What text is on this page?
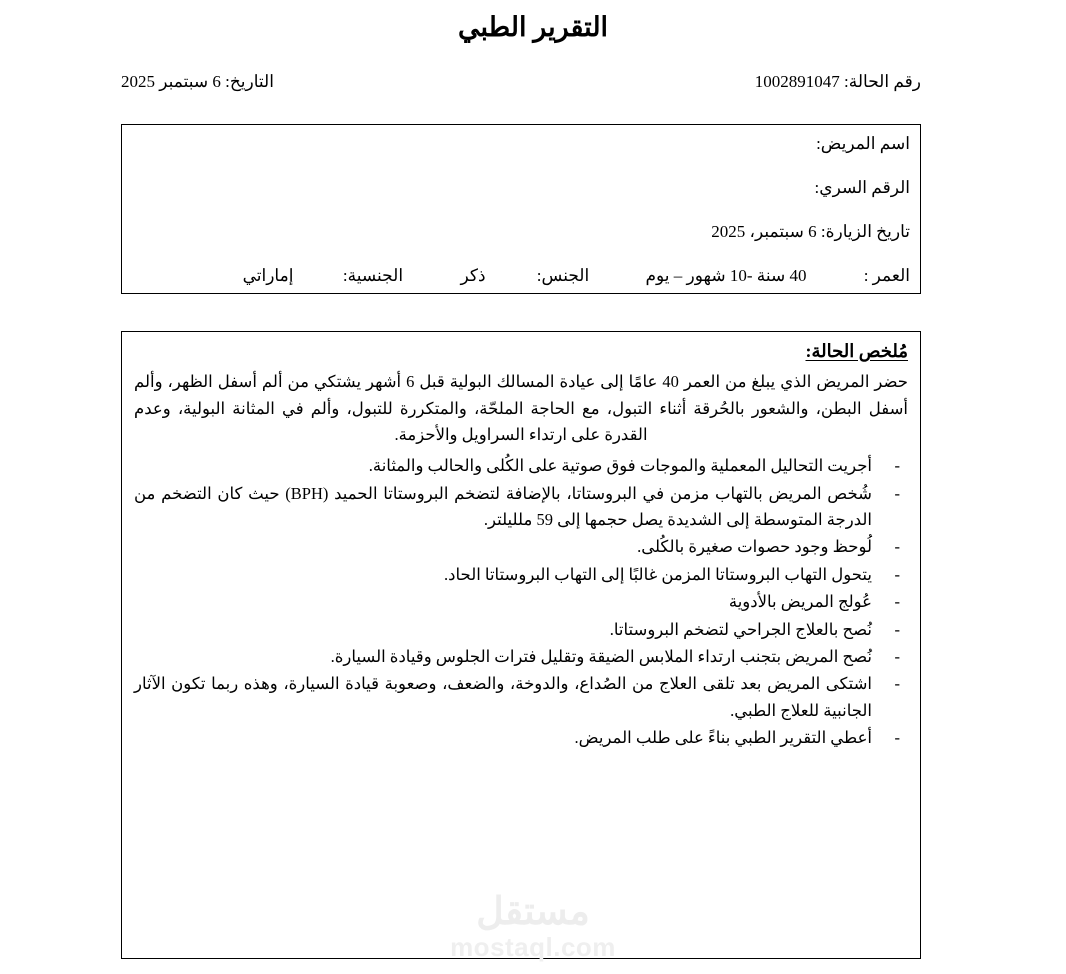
التقرير الطبي
رقم الحالة: 1002891047
التاريخ: 6 سبتمبر 2025
اسم المريض:
الرقم السري:
تاريخ الزيارة: 6 سبتمبر، 2025
العمر :
40 سنة -10 شهور – يوم
الجنس:
ذكر
الجنسية:
إماراتي
مُلخص الحالة:

حضر المريض الذي يبلغ من العمر 40 عامًا إلى عيادة المسالك البولية قبل 6 أشهر يشتكي من ألم أسفل الظهر، وألم أسفل البطن، والشعور بالحُرقة أثناء التبول، مع الحاجة الملحّة، والمتكررة للتبول، وألم في المثانة البولية، وعدم القدرة على ارتداء السراويل والأحزمة.

-
أجريت التحاليل المعملية والموجات فوق صوتية على الكُلى والحالب والمثانة.
-
شُخص المريض بالتهاب مزمن في البروستاتا، بالإضافة لتضخم البروستاتا الحميد (BPH) حيث كان التضخم من الدرجة المتوسطة إلى الشديدة يصل حجمها إلى 59 ملليلتر.
-
لُوحظ وجود حصوات صغيرة بالكُلى.
-
يتحول التهاب البروستاتا المزمن غالبًا إلى التهاب البروستاتا الحاد.
-
عُولج المريض بالأدوية
-
نُصح بالعلاج الجراحي لتضخم البروستاتا.
-
نُصح المريض بتجنب ارتداء الملابس الضيقة وتقليل فترات الجلوس وقيادة السيارة.
-
اشتكى المريض بعد تلقى العلاج من الصُداع، والدوخة، والضعف، وصعوبة قيادة السيارة، وهذه ربما تكون الآثار الجانبية للعلاج الطبي.
-
أعطي التقرير الطبي بناءً على طلب المريض.
مستقل
mostaql.com
